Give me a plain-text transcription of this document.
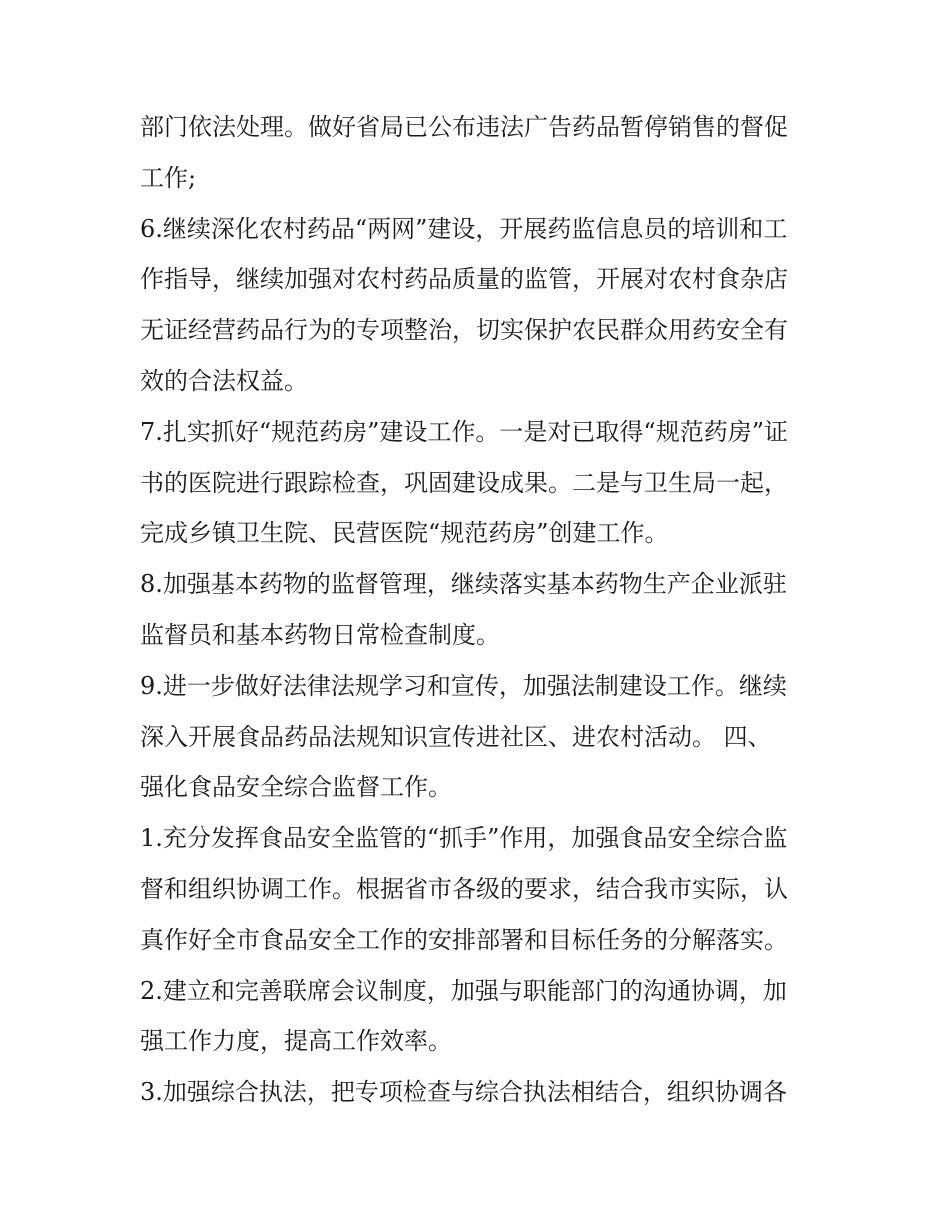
部门依法处理。做好省局已公布违法广告药品暂停销售的督促
工作;
6.继续深化农村药品“两网”建设，开展药监信息员的培训和工
作指导，继续加强对农村药品质量的监管，开展对农村食杂店
无证经营药品行为的专项整治，切实保护农民群众用药安全有
效的合法权益。
7.扎实抓好“规范药房”建设工作。一是对已取得“规范药房”证
书的医院进行跟踪检查，巩固建设成果。二是与卫生局一起，
完成乡镇卫生院、民营医院“规范药房”创建工作。
8.加强基本药物的监督管理，继续落实基本药物生产企业派驻
监督员和基本药物日常检查制度。
9.进一步做好法律法规学习和宣传，加强法制建设工作。继续
深入开展食品药品法规知识宣传进社区、进农村活动。 四、
强化食品安全综合监督工作。
1.充分发挥食品安全监管的“抓手”作用，加强食品安全综合监
督和组织协调工作。根据省市各级的要求，结合我市实际，认
真作好全市食品安全工作的安排部署和目标任务的分解落实。
2.建立和完善联席会议制度，加强与职能部门的沟通协调，加
强工作力度，提高工作效率。
3.加强综合执法，把专项检查与综合执法相结合，组织协调各
